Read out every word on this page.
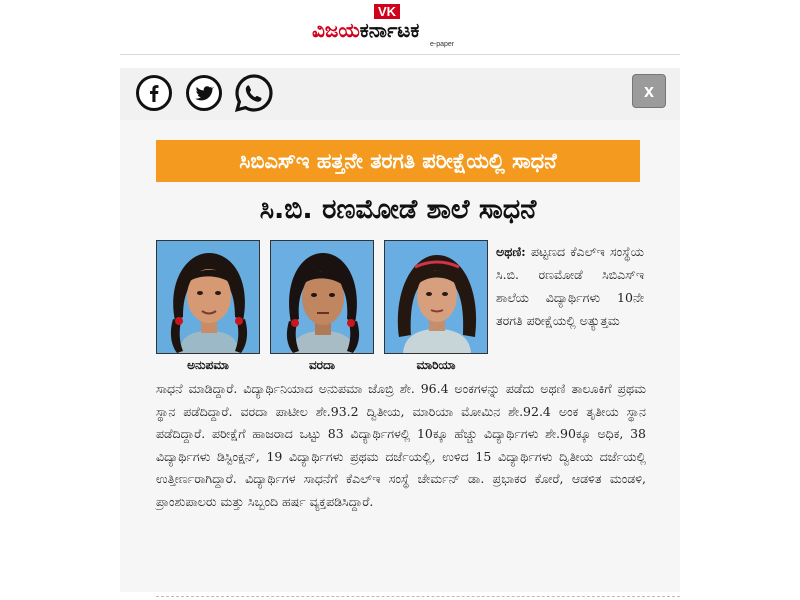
VK
ವಿಜಯಕರ್ನಾಟಕ
e-paper
x
ಸಿಬಿಎಸ್‌ಇ ಹತ್ತನೇ ತರಗತಿ ಪರೀಕ್ಷೆಯಲ್ಲಿ ಸಾಧನೆ
ಸಿ.ಬಿ. ರಣಮೋಡೆ ಶಾಲೆ ಸಾಧನೆ
ಅನುಪಮಾ	ವರದಾ	ಮಾರಿಯಾ
ಅಥಣಿ: ಪಟ್ಟಣದ ಕೆಎಲ್‌ಇ ಸಂಸ್ಥೆಯ ಸಿ.ಬಿ. ರಣಮೋಡೆ ಸಿಬಿಎಸ್‌ಇ ಶಾಲೆಯ ವಿದ್ಯಾರ್ಥಿಗಳು 10ನೇ ತರಗತಿ ಪರೀಕ್ಷೆಯಲ್ಲಿ ಅತ್ಯುತ್ತಮ
ಸಾಧನೆ ಮಾಡಿದ್ದಾರೆ. ವಿದ್ಯಾರ್ಥಿನಿಯಾದ ಅನುಪಮಾ ಜೊಬ್ರಿ ಶೇ. 96.4 ಅಂಕಗಳನ್ನು ಪಡೆದು ಅಥಣಿ ತಾಲೂಕಿಗೆ ಪ್ರಥಮ ಸ್ಥಾನ ಪಡೆದಿದ್ದಾರೆ. ವರದಾ ಪಾಟೀಲ ಶೇ.93.2 ದ್ವಿತೀಯ, ಮಾರಿಯಾ ಮೋಮಿನ ಶೇ.92.4 ಅಂಕ ತೃತೀಯ ಸ್ಥಾನ ಪಡೆದಿದ್ದಾರೆ. ಪರೀಕ್ಷೆಗೆ ಹಾಜರಾದ ಒಟ್ಟು 83 ವಿದ್ಯಾರ್ಥಿಗಳಲ್ಲಿ 10ಕ್ಕೂ ಹೆಚ್ಚು ವಿದ್ಯಾರ್ಥಿಗಳು ಶೇ.90ಕ್ಕೂ ಅಧಿಕ, 38 ವಿದ್ಯಾರ್ಥಿಗಳು ಡಿಸ್ಟಿಂಕ್ಷನ್, 19 ವಿದ್ಯಾರ್ಥಿಗಳು ಪ್ರಥಮ ದರ್ಜೆಯಲ್ಲಿ, ಉಳಿದ 15 ವಿದ್ಯಾರ್ಥಿಗಳು ದ್ವಿತೀಯ ದರ್ಜೆಯಲ್ಲಿ ಉತ್ತೀರ್ಣರಾಗಿದ್ದಾರೆ. ವಿದ್ಯಾರ್ಥಿಗಳ ಸಾಧನೆಗೆ ಕೆಎಲ್‌ಇ ಸಂಸ್ಥೆ ಚೇರ್ಮನ್ ಡಾ. ಪ್ರಭಾಕರ ಕೋರೆ, ಆಡಳಿತ ಮಂಡಳಿ, ಪ್ರಾಂಶುಪಾಲರು ಮತ್ತು ಸಿಬ್ಬಂದಿ ಹರ್ಷ ವ್ಯಕ್ತಪಡಿಸಿದ್ದಾರೆ.
